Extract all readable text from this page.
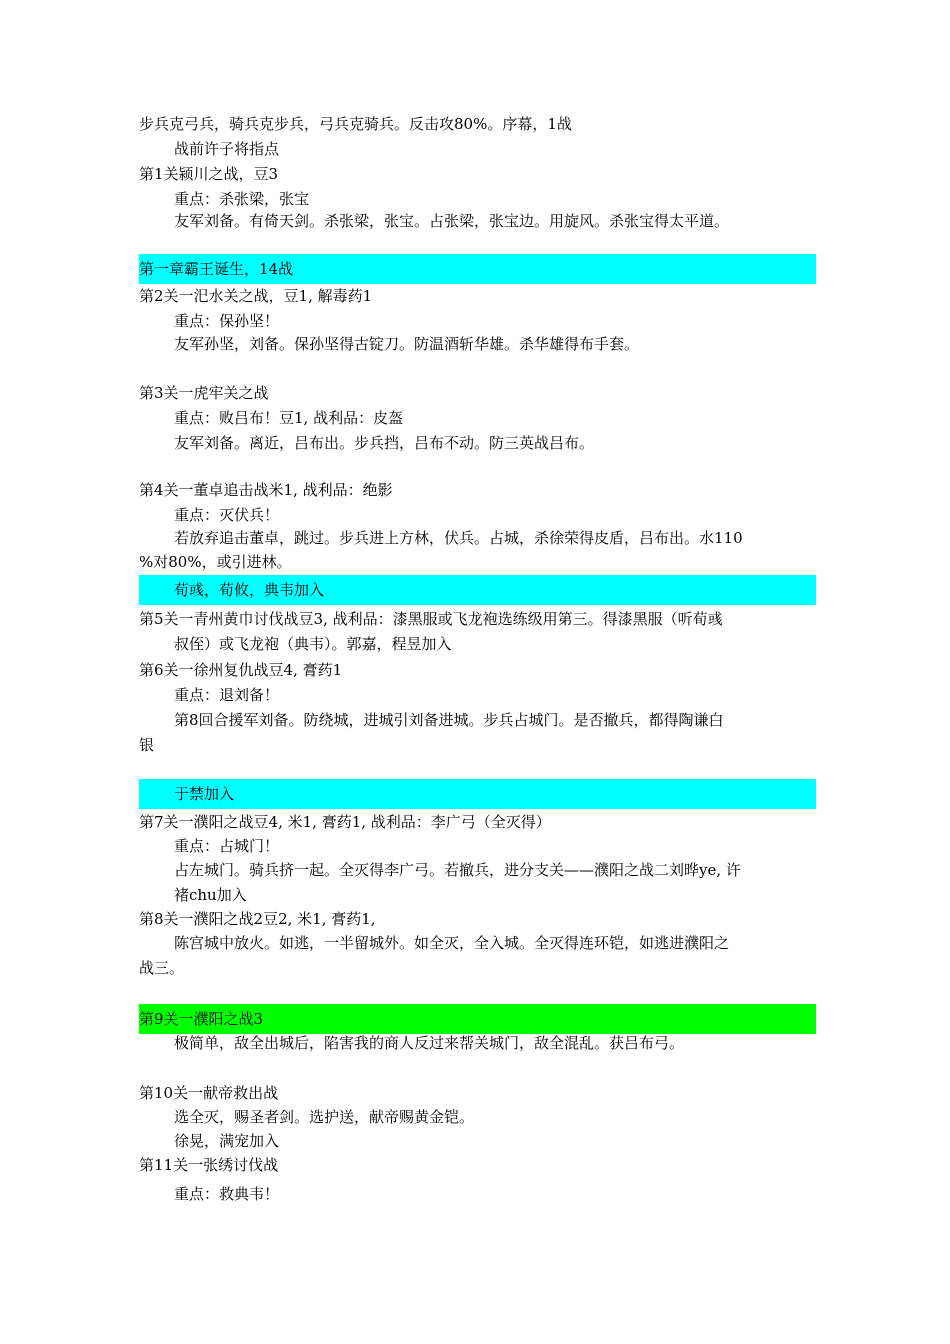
步兵克弓兵，骑兵克步兵，弓兵克骑兵。反击攻80%。序幕，1战
战前许子将指点
第1关颍川之战，豆3
重点：杀张梁，张宝
友军刘备。有倚天剑。杀张梁，张宝。占张梁，张宝边。用旋风。杀张宝得太平道。
第一章霸王诞生，14战
第2关一汜水关之战，豆1, 解毒药1
重点：保孙坚！
友军孙坚，刘备。保孙坚得古锭刀。防温酒斩华雄。杀华雄得布手套。
第3关一虎牢关之战
重点：败吕布！豆1, 战利品：皮盔
友军刘备。离近，吕布出。步兵挡，吕布不动。防三英战吕布。
第4关一董卓追击战米1, 战利品：绝影
重点：灭伏兵！
若放弃追击董卓，跳过。步兵进上方林，伏兵。占城，杀徐荣得皮盾，吕布出。水110
%对80%，或引进林。
荀彧，荀攸，典韦加入
第5关一青州黄巾讨伐战豆3, 战利品：漆黑服或飞龙袍选练级用第三。得漆黑服（听荀彧
叔侄）或飞龙袍（典韦）。郭嘉，程昱加入
第6关一徐州复仇战豆4, 膏药1
重点：退刘备！
第8回合援军刘备。防绕城，进城引刘备进城。步兵占城门。是否撤兵，都得陶谦白
银
于禁加入
第7关一濮阳之战豆4, 米1, 膏药1, 战利品：李广弓（全灭得）
重点：占城门！
占左城门。骑兵挤一起。全灭得李广弓。若撤兵，进分支关——濮阳之战二刘晔ye, 许
褚chu加入
第8关一濮阳之战2豆2, 米1, 膏药1,
陈宫城中放火。如逃，一半留城外。如全灭，全入城。全灭得连环铠，如逃进濮阳之
战三。
第9关一濮阳之战3
极简单，敌全出城后，陷害我的商人反过来帮关城门，敌全混乱。获吕布弓。
第10关一献帝救出战
选全灭，赐圣者剑。选护送，献帝赐黄金铠。
徐晃，满宠加入
第11关一张绣讨伐战
重点：救典韦！
